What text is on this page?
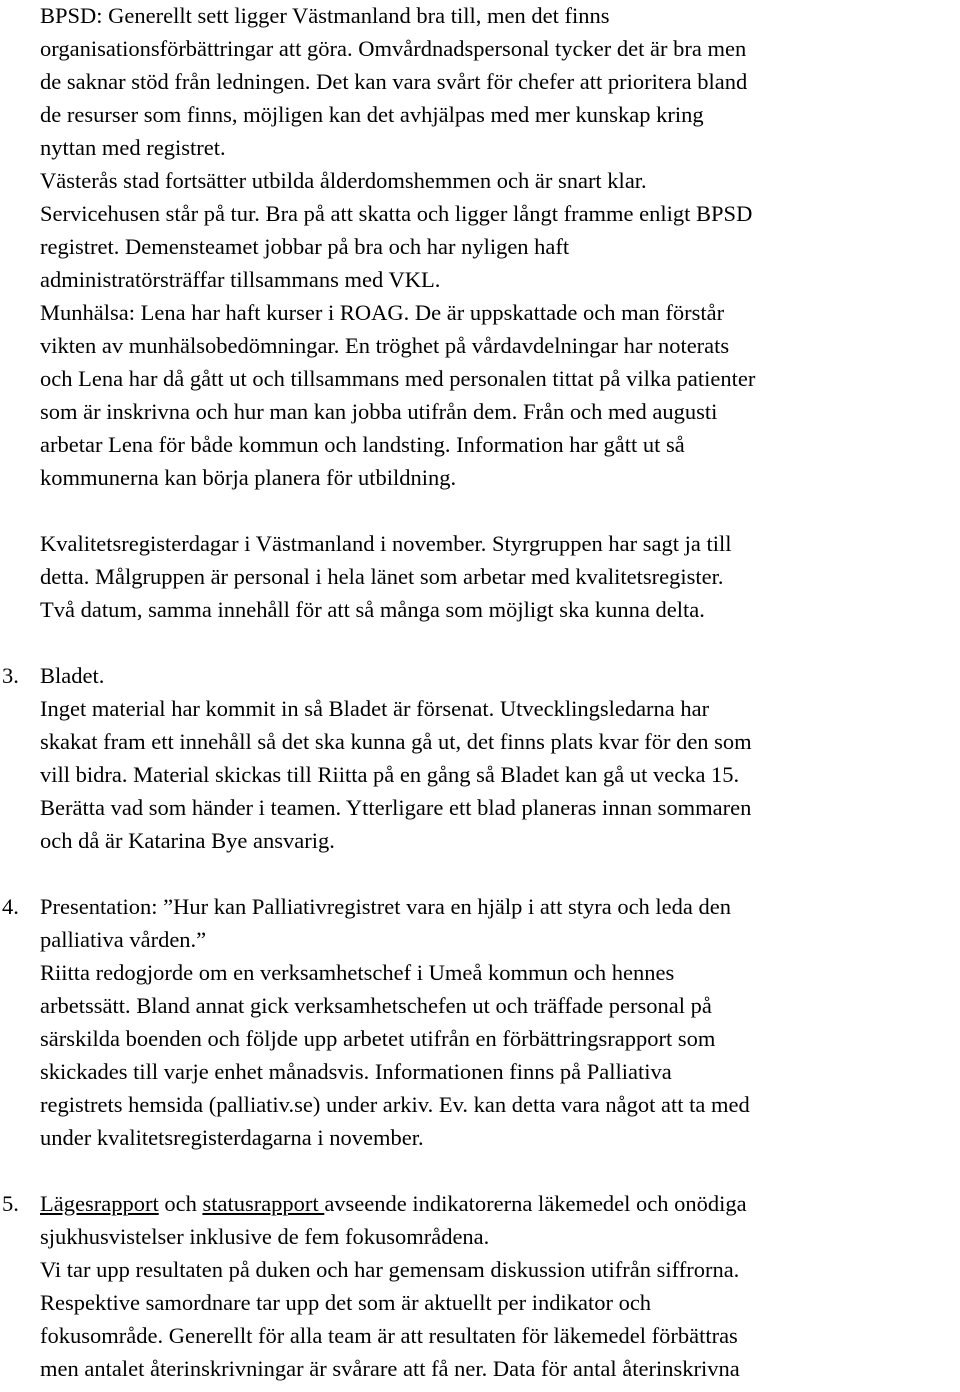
BPSD: Generellt sett ligger Västmanland bra till, men det finns

organisationsförbättringar att göra. Omvårdnadspersonal tycker det är bra men

de saknar stöd från ledningen. Det kan vara svårt för chefer att prioritera bland

de resurser som finns, möjligen kan det avhjälpas med mer kunskap kring

nyttan med registret.

Västerås stad fortsätter utbilda ålderdomshemmen och är snart klar.

Servicehusen står på tur. Bra på att skatta och ligger långt framme enligt BPSD

registret. Demensteamet jobbar på bra och har nyligen haft

administratörsträffar tillsammans med VKL.

Munhälsa: Lena har haft kurser i ROAG. De är uppskattade och man förstår

vikten av munhälsobedömningar. En tröghet på vårdavdelningar har noterats

och Lena har då gått ut och tillsammans med personalen tittat på vilka patienter

som är inskrivna och hur man kan jobba utifrån dem. Från och med augusti

arbetar Lena för både kommun och landsting. Information har gått ut så

kommunerna kan börja planera för utbildning.

Kvalitetsregisterdagar i Västmanland i november. Styrgruppen har sagt ja till

detta. Målgruppen är personal i hela länet som arbetar med kvalitetsregister.

Två datum, samma innehåll för att så många som möjligt ska kunna delta.

3. Bladet.

Inget material har kommit in så Bladet är försenat. Utvecklingsledarna har

skakat fram ett innehåll så det ska kunna gå ut, det finns plats kvar för den som

vill bidra. Material skickas till Riitta på en gång så Bladet kan gå ut vecka 15.

Berätta vad som händer i teamen. Ytterligare ett blad planeras innan sommaren

och då är Katarina Bye ansvarig.

4. Presentation: ”Hur kan Palliativregistret vara en hjälp i att styra och leda den

palliativa vården.”

Riitta redogjorde om en verksamhetschef i Umeå kommun och hennes

arbetssätt. Bland annat gick verksamhetschefen ut och träffade personal på

särskilda boenden och följde upp arbetet utifrån en förbättringsrapport som

skickades till varje enhet månadsvis. Informationen finns på Palliativa

registrets hemsida (palliativ.se) under arkiv. Ev. kan detta vara något att ta med

under kvalitetsregisterdagarna i november.

5. Lägesrapport och statusrapport avseende indikatorerna läkemedel och onödiga

sjukhusvistelser inklusive de fem fokusområdena.

Vi tar upp resultaten på duken och har gemensam diskussion utifrån siffrorna.

Respektive samordnare tar upp det som är aktuellt per indikator och

fokusområde. Generellt för alla team är att resultaten för läkemedel förbättras

men antalet återinskrivningar är svårare att få ner. Data för antal återinskrivna
